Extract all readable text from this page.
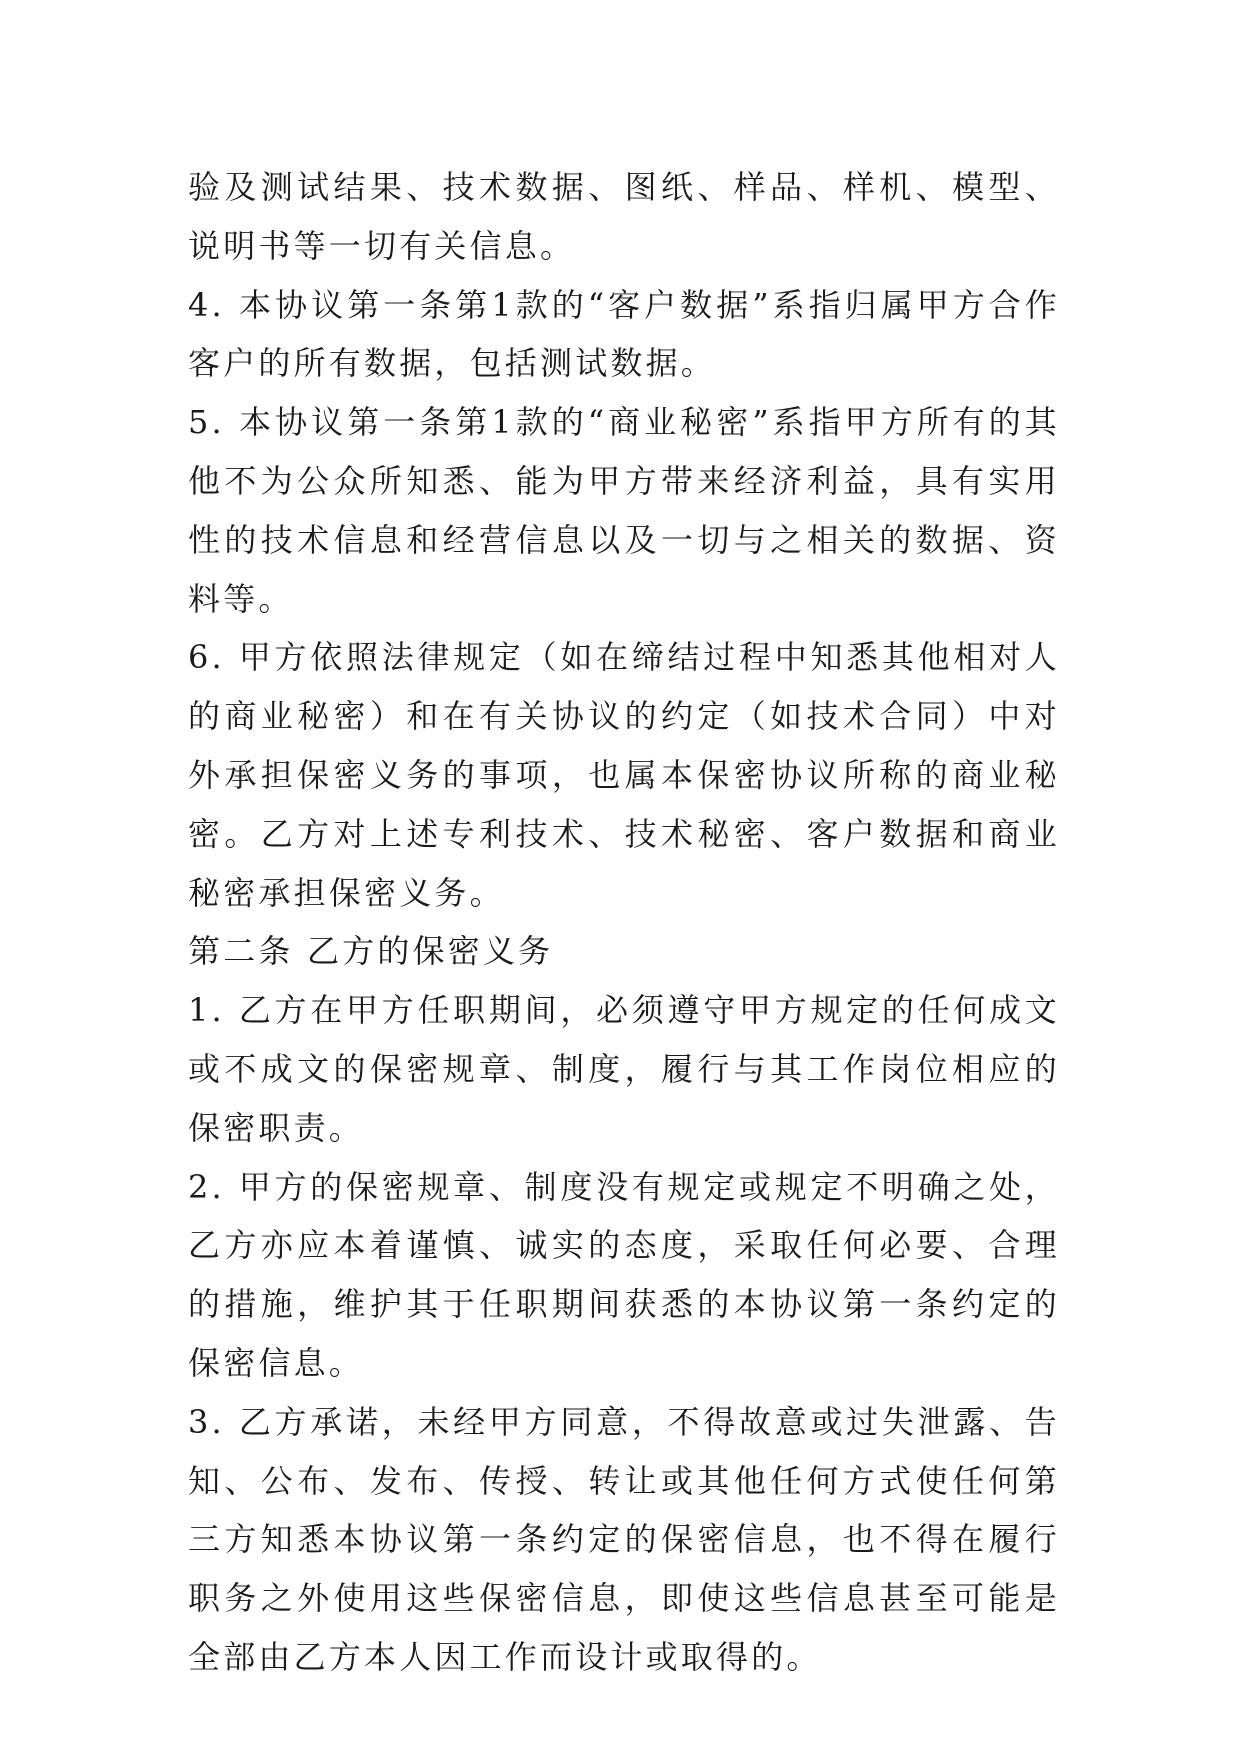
验及测试结果、技术数据、图纸、样品、样机、模型、说明书等一切有关信息。

4. 本协议第一条第1款的“客户数据”系指归属甲方合作客户的所有数据，包括测试数据。

5. 本协议第一条第1款的“商业秘密”系指甲方所有的其他不为公众所知悉、能为甲方带来经济利益，具有实用性的技术信息和经营信息以及一切与之相关的数据、资料等。

6. 甲方依照法律规定（如在缔结过程中知悉其他相对人的商业秘密）和在有关协议的约定（如技术合同）中对外承担保密义务的事项，也属本保密协议所称的商业秘密。乙方对上述专利技术、技术秘密、客户数据和商业秘密承担保密义务。

第二条 乙方的保密义务

1. 乙方在甲方任职期间，必须遵守甲方规定的任何成文或不成文的保密规章、制度，履行与其工作岗位相应的保密职责。

2. 甲方的保密规章、制度没有规定或规定不明确之处，乙方亦应本着谨慎、诚实的态度，采取任何必要、合理的措施，维护其于任职期间获悉的本协议第一条约定的保密信息。

3. 乙方承诺，未经甲方同意，不得故意或过失泄露、告知、公布、发布、传授、转让或其他任何方式使任何第三方知悉本协议第一条约定的保密信息，也不得在履行职务之外使用这些保密信息，即使这些信息甚至可能是全部由乙方本人因工作而设计或取得的。
